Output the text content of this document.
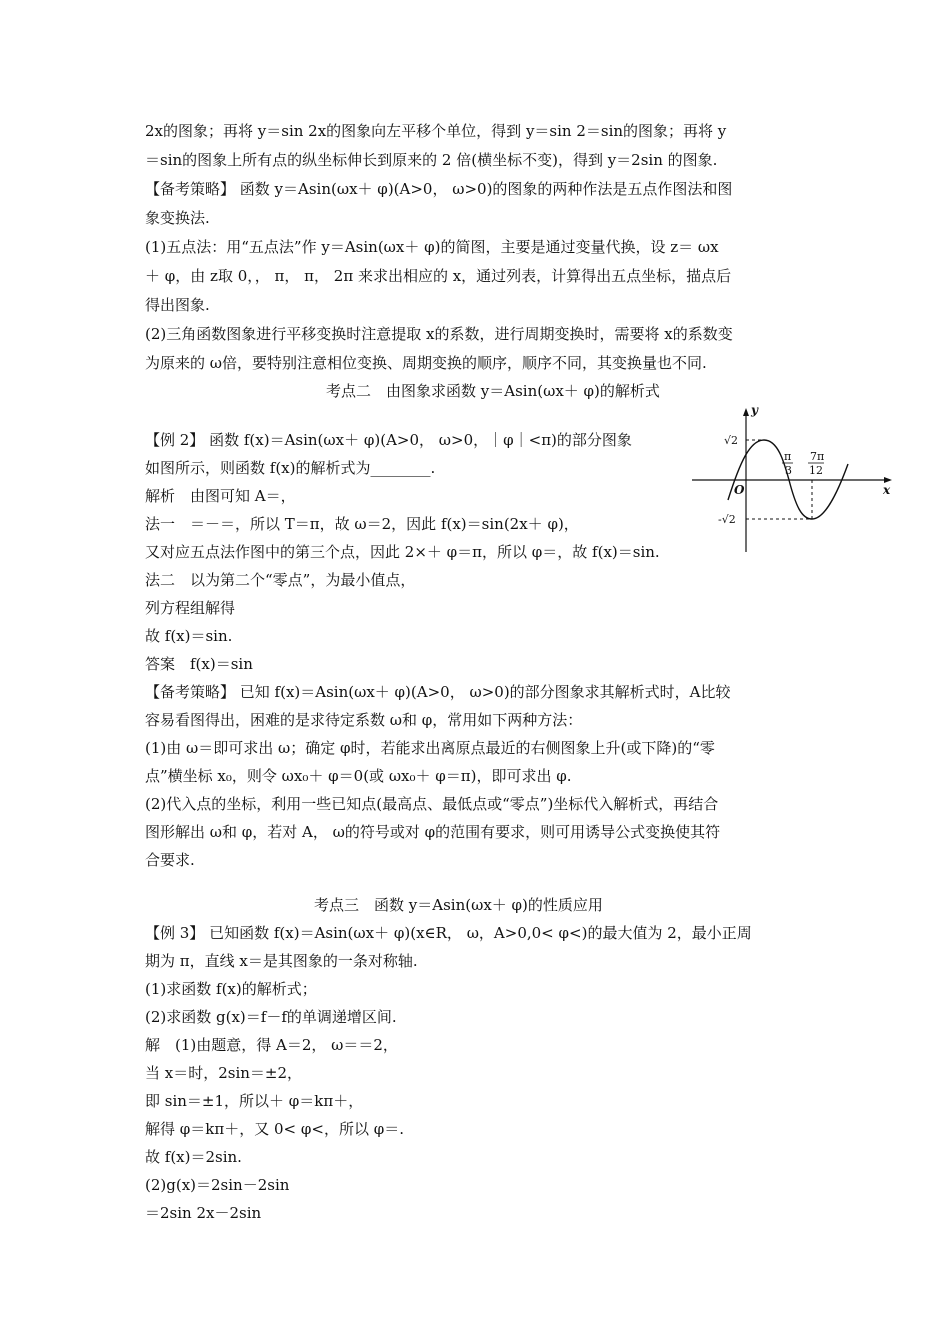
2x的图象；再将 y＝sin 2x的图象向左平移个单位，得到 y＝sin 2＝sin的图象；再将 y
＝sin的图象上所有点的纵坐标伸长到原来的 2 倍(横坐标不变)，得到 y＝2sin 的图象.
【备考策略】 函数 y＝Asin(ωx＋ φ)(A>0， ω>0)的图象的两种作法是五点作图法和图
象变换法.
(1)五点法：用“五点法”作 y＝Asin(ωx＋ φ)的简图，主要是通过变量代换，设 z＝ ωx
＋ φ，由 z取 0，， π， π， 2π 来求出相应的 x，通过列表，计算得出五点坐标，描点后
得出图象.
(2)三角函数图象进行平移变换时注意提取 x的系数，进行周期变换时，需要将 x的系数变
为原来的 ω倍，要特别注意相位变换、周期变换的顺序，顺序不同，其变换量也不同.
考点二　由图象求函数 y＝Asin(ωx＋ φ)的解析式
【例 2】 函数 f(x)＝Asin(ωx＋ φ)(A>0， ω>0，｜φ｜<π)的部分图象
如图所示，则函数 f(x)的解析式为________.
解析　由图可知 A＝，
法一　＝－＝，所以 T＝π，故 ω＝2，因此 f(x)＝sin(2x＋ φ)，
又对应五点法作图中的第三个点，因此 2×＋ φ＝π，所以 φ＝，故 f(x)＝sin.
法二　以为第二个“零点”，为最小值点，
列方程组解得
故 f(x)＝sin.
答案　f(x)＝sin
【备考策略】 已知 f(x)＝Asin(ωx＋ φ)(A>0， ω>0)的部分图象求其解析式时，A比较
容易看图得出，困难的是求待定系数 ω和 φ，常用如下两种方法：
(1)由 ω＝即可求出 ω；确定 φ时，若能求出离原点最近的右侧图象上升(或下降)的“零
点”横坐标 x₀，则令 ωx₀＋ φ＝0(或 ωx₀＋ φ＝π)，即可求出 φ.
(2)代入点的坐标，利用一些已知点(最高点、最低点或“零点”)坐标代入解析式，再结合
图形解出 ω和 φ，若对 A， ω的符号或对 φ的范围有要求，则可用诱导公式变换使其符
合要求.
考点三　函数 y＝Asin(ωx＋ φ)的性质应用
【例 3】 已知函数 f(x)＝Asin(ωx＋ φ)(x∈R， ω，A>0,0< φ<)的最大值为 2，最小正周
期为 π，直线 x＝是其图象的一条对称轴.
(1)求函数 f(x)的解析式；
(2)求函数 g(x)＝f－f的单调递增区间.
解　(1)由题意，得 A＝2， ω＝＝2，
当 x＝时，2sin＝±2，
即 sin＝±1，所以＋ φ＝kπ＋，
解得 φ＝kπ＋，又 0< φ<，所以 φ＝.
故 f(x)＝2sin.
(2)g(x)＝2sin－2sin
＝2sin 2x－2sin
y
x
O
√2
-√2
π
3
7π
12
